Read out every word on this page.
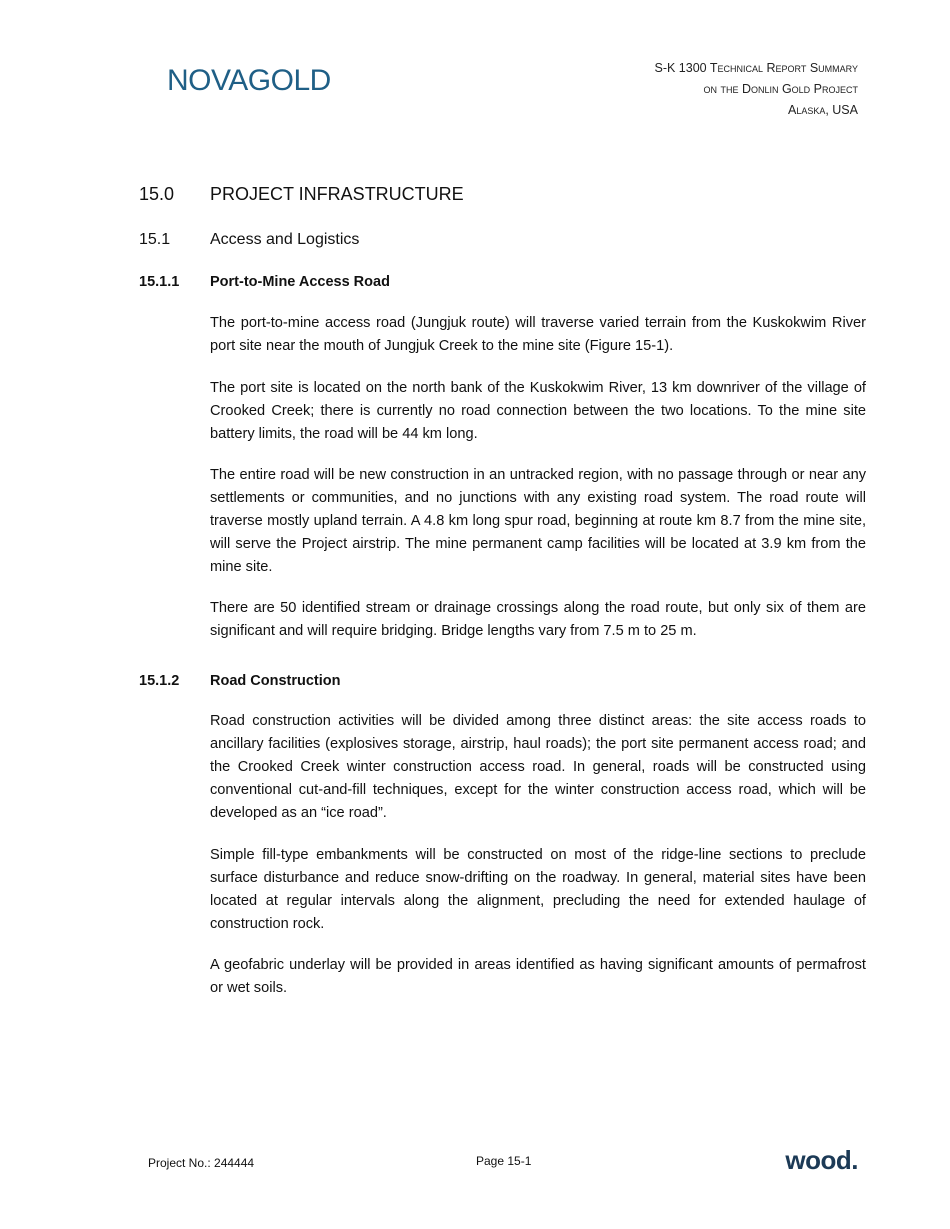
NOVAGOLD	S-K 1300 Technical Report Summary
on the Donlin Gold Project
Alaska, USA
15.0 PROJECT INFRASTRUCTURE
15.1 Access and Logistics
15.1.1 Port-to-Mine Access Road
The port-to-mine access road (Jungjuk route) will traverse varied terrain from the Kuskokwim River port site near the mouth of Jungjuk Creek to the mine site (Figure 15-1).
The port site is located on the north bank of the Kuskokwim River, 13 km downriver of the village of Crooked Creek; there is currently no road connection between the two locations. To the mine site battery limits, the road will be 44 km long.
The entire road will be new construction in an untracked region, with no passage through or near any settlements or communities, and no junctions with any existing road system. The road route will traverse mostly upland terrain. A 4.8 km long spur road, beginning at route km 8.7 from the mine site, will serve the Project airstrip. The mine permanent camp facilities will be located at 3.9 km from the mine site.
There are 50 identified stream or drainage crossings along the road route, but only six of them are significant and will require bridging. Bridge lengths vary from 7.5 m to 25 m.
15.1.2 Road Construction
Road construction activities will be divided among three distinct areas: the site access roads to ancillary facilities (explosives storage, airstrip, haul roads); the port site permanent access road; and the Crooked Creek winter construction access road. In general, roads will be constructed using conventional cut-and-fill techniques, except for the winter construction access road, which will be developed as an “ice road”.
Simple fill-type embankments will be constructed on most of the ridge-line sections to preclude surface disturbance and reduce snow-drifting on the roadway. In general, material sites have been located at regular intervals along the alignment, precluding the need for extended haulage of construction rock.
A geofabric underlay will be provided in areas identified as having significant amounts of permafrost or wet soils.
Project No.: 244444	Page 15-1	wood.
